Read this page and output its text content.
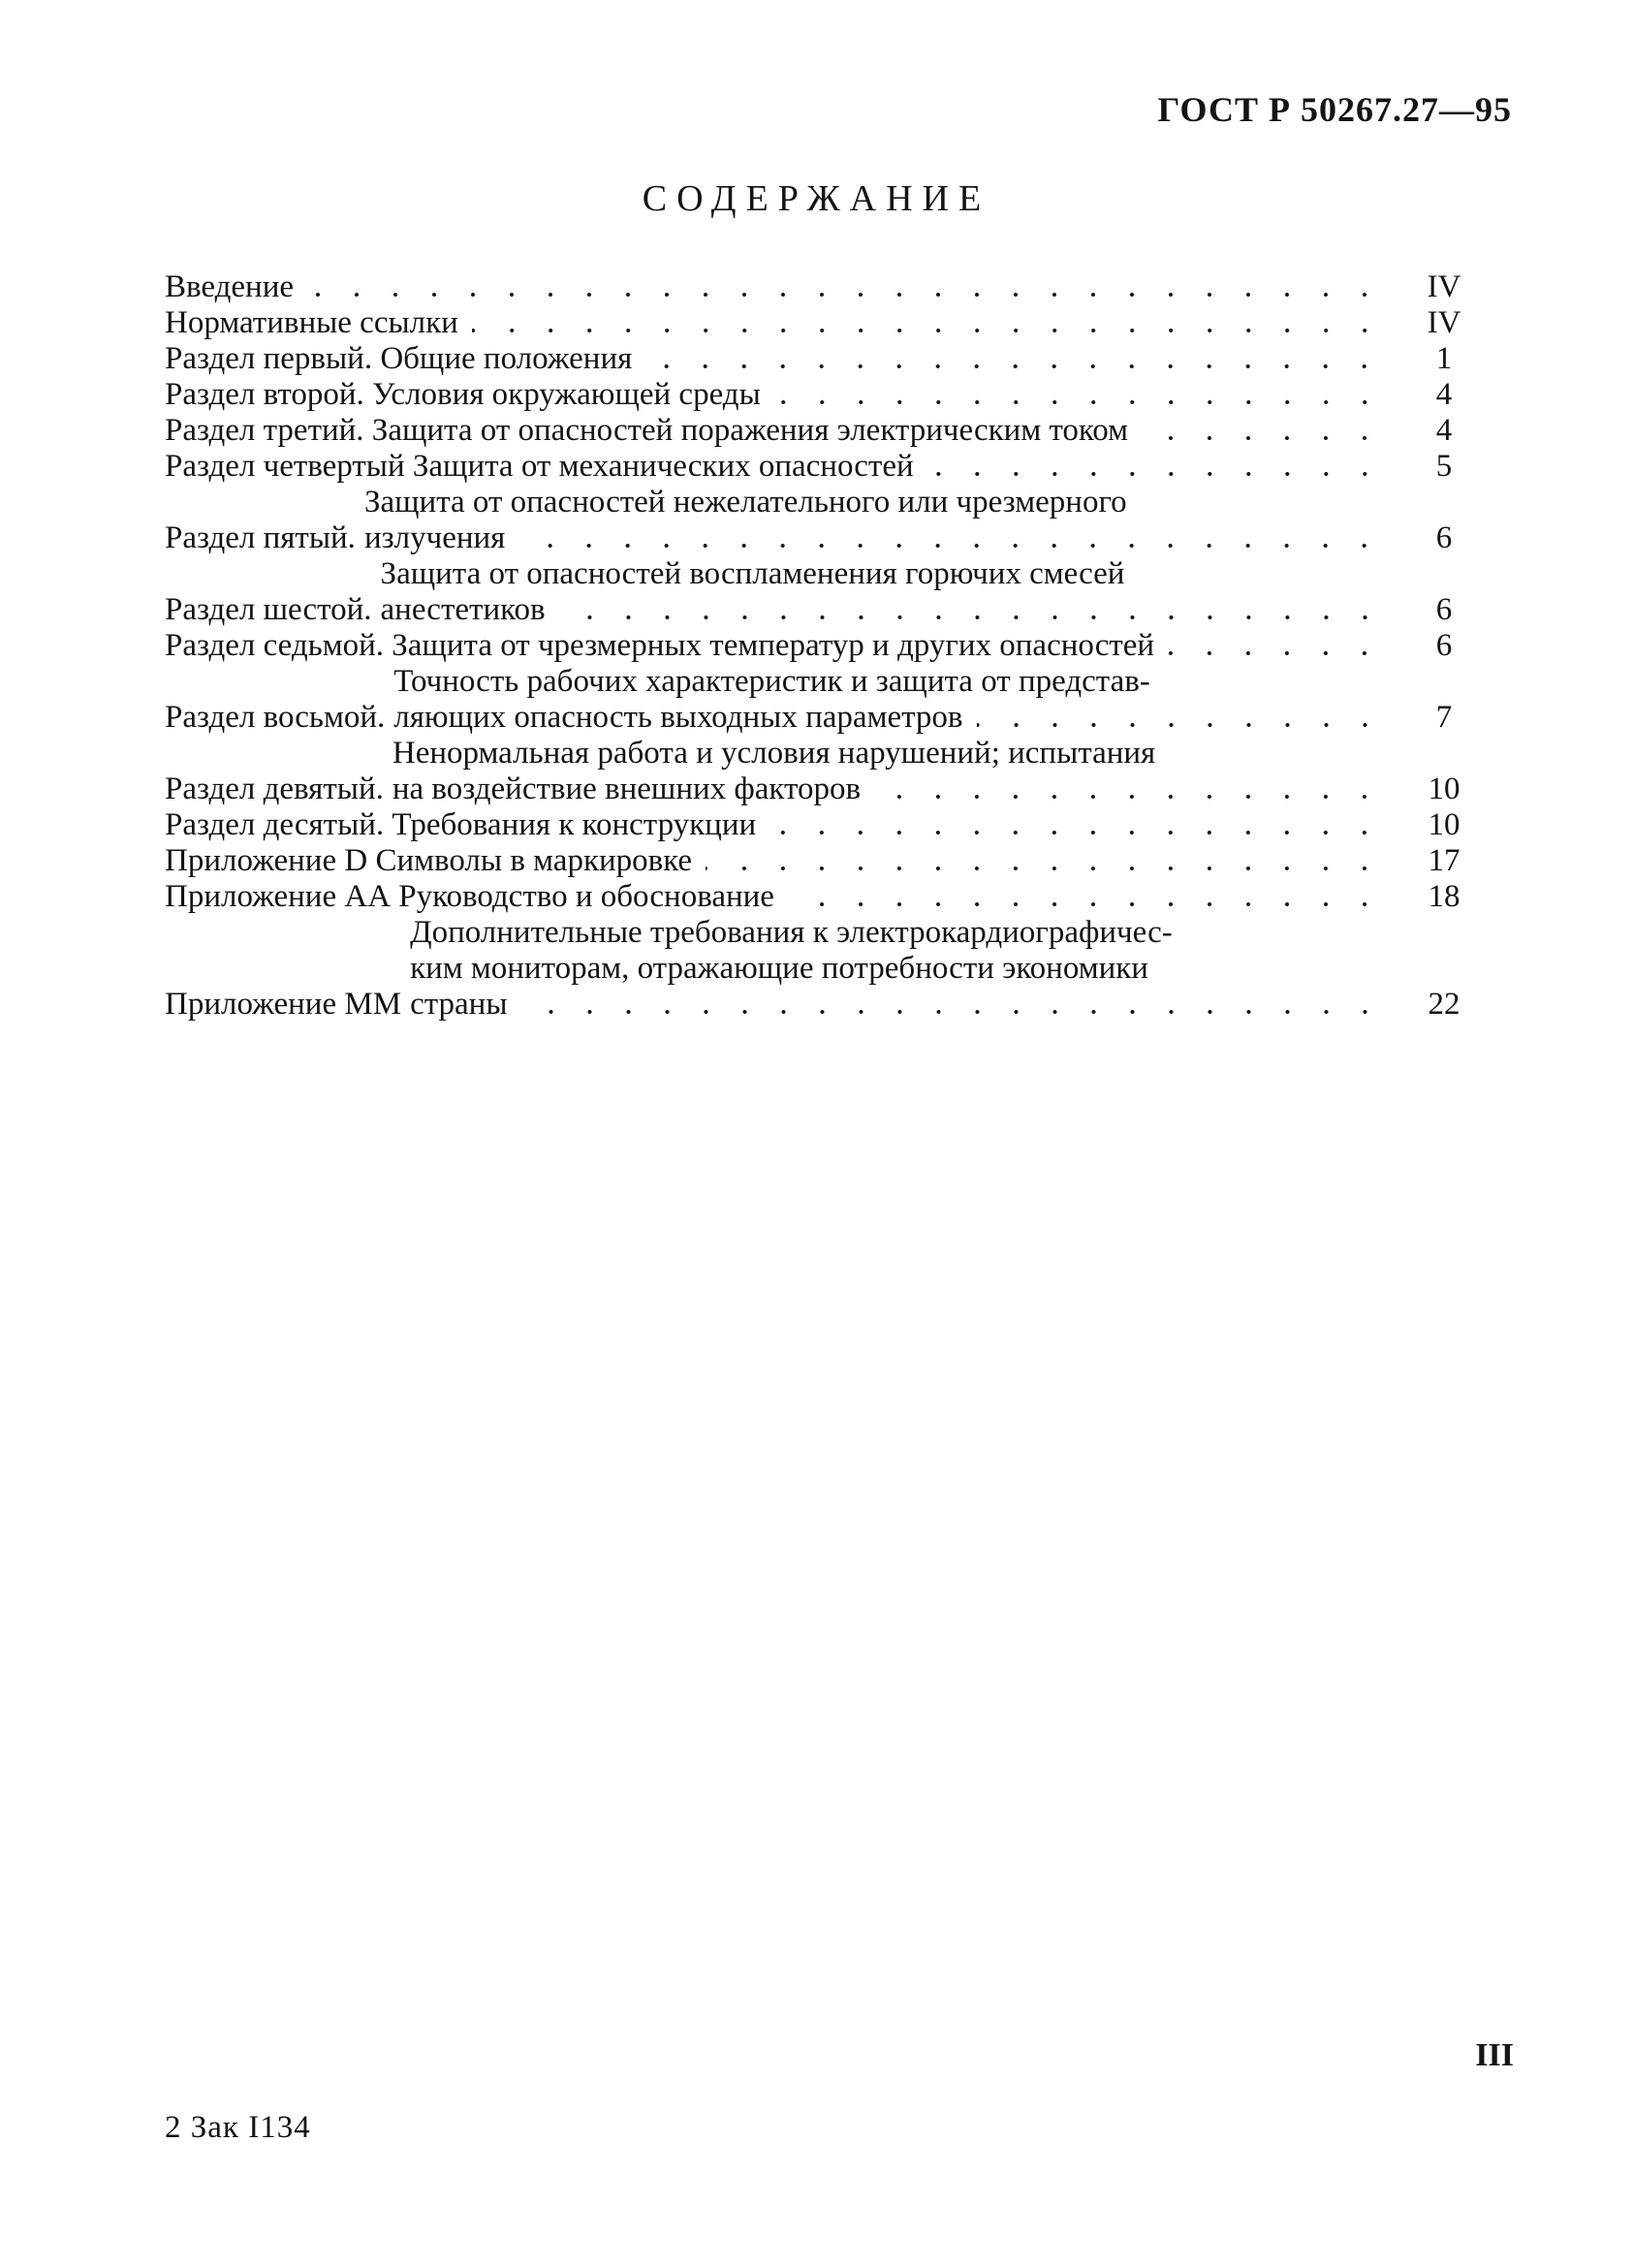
ГОСТ Р 50267.27—95
СОДЕРЖАНИЕ
Введение	IV
Нормативные ссылки	IV
Раздел первый. Общие положения	1
Раздел второй. Условия окружающей среды	4
Раздел третий. Защита от опасностей поражения электрическим током	4
Раздел четвертый Защита от механических опасностей	5
Раздел пятый.
Защита от опасностей нежелательного или чрезмерного
излучения	6
Раздел шестой.
Защита от опасностей воспламенения горючих смесей
анестетиков	6
Раздел седьмой. Защита от чрезмерных температур и других опасностей	6
Раздел восьмой.
Точность рабочих характеристик и защита от представ-
ляющих опасность выходных параметров	7
Раздел девятый.
Ненормальная работа и условия нарушений; испытания
на воздействие внешних факторов	10
Раздел десятый. Требования к конструкции	10
Приложение D Символы в маркировке	17
Приложение АА Руководство и обоснование	18
Приложение ММ
Дополнительные требования к электрокардиографичес-
ким мониторам, отражающие потребности экономики
страны	22
III
2 Зак I134
